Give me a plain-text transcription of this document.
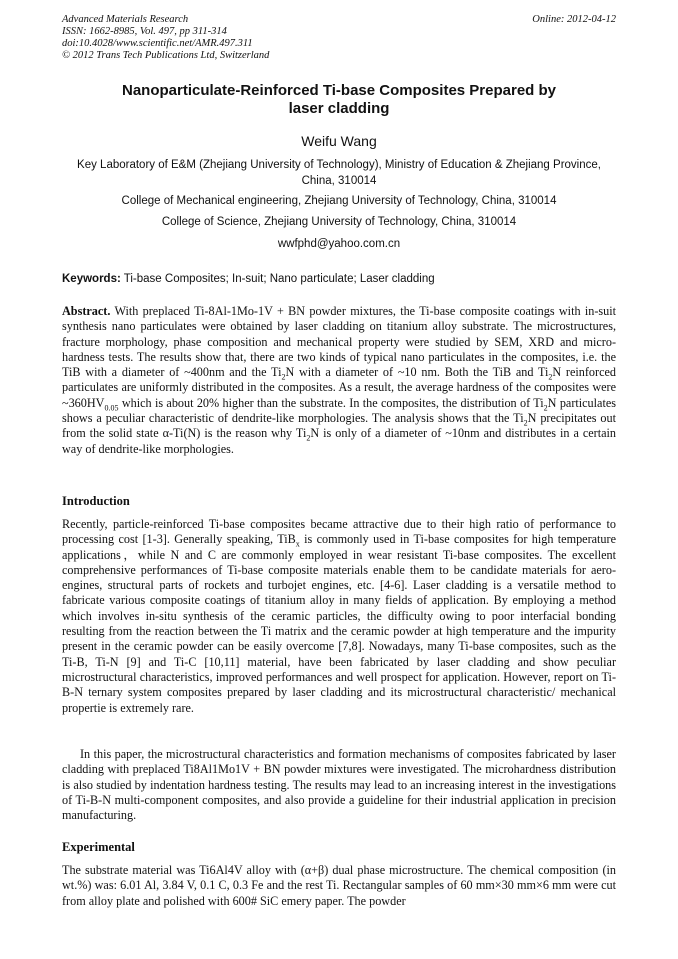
Advanced Materials Research
ISSN: 1662-8985, Vol. 497, pp 311-314
doi:10.4028/www.scientific.net/AMR.497.311
© 2012 Trans Tech Publications Ltd, Switzerland
Online: 2012-04-12
Nanoparticulate-Reinforced Ti-base Composites Prepared by
laser cladding
Weifu Wang
Key Laboratory of E&M (Zhejiang University of Technology), Ministry of Education & Zhejiang Province, China, 310014
College of Mechanical engineering, Zhejiang University of Technology, China, 310014
College of Science, Zhejiang University of Technology, China, 310014
wwfphd@yahoo.com.cn
Keywords: Ti-base Composites; In-suit; Nano particulate; Laser cladding
Abstract. With preplaced Ti-8Al-1Mo-1V + BN powder mixtures, the Ti-base composite coatings with in-suit synthesis nano particulates were obtained by laser cladding on titanium alloy substrate. The microstructures, fracture morphology, phase composition and mechanical property were studied by SEM, XRD and micro-hardness tests. The results show that, there are two kinds of typical nano particulates in the composites, i.e. the TiB with a diameter of ~400nm and the $Ti_2N$ with a diameter of ~10 nm. Both the TiB and $Ti_2N$ reinforced particulates are uniformly distributed in the composites. As a result, the average hardness of the composites were $\sim 360HV_{0.05}$ which is about 20% higher than the substrate. In the composites, the distribution of $Ti_2N$ particulates shows a peculiar characteristic of dendrite-like morphologies. The analysis shows that the $Ti_2N$ precipitates out from the solid state α-Ti(N) is the reason why $Ti_2N$ is only of a diameter of ~10nm and distributes in a certain way of dendrite-like morphologies.
Introduction
Recently, particle-reinforced Ti-base composites became attractive due to their high ratio of performance to processing cost [1-3]. Generally speaking, TiB$_x$ is commonly used in Ti-base composites for high temperature applications，while N and C are commonly employed in wear resistant Ti-base composites. The excellent comprehensive performances of Ti-base composite materials enable them to be candidate materials for aero-engines, structural parts of rockets and turbojet engines, etc. [4-6]. Laser cladding is a versatile method to fabricate various composite coatings of titanium alloy in many fields of application. By employing a method which involves in-situ synthesis of the ceramic particles, the difficulty owing to poor interfacial bonding resulting from the reaction between the Ti matrix and the ceramic powder at high temperature and the impurity present in the ceramic powder can be easily overcome [7,8]. Nowadays, many Ti-base composites, such as the Ti-B, Ti-N [9] and Ti-C [10,11] material, have been fabricated by laser cladding and show peculiar microstructural characteristics, improved performances and well prospect for application. However, report on Ti-B-N ternary system composites prepared by laser cladding and its microstructural characteristic/ mechanical propertie is extremely rare.
In this paper, the microstructural characteristics and formation mechanisms of composites fabricated by laser cladding with preplaced Ti8Al1Mo1V + BN powder mixtures were investigated. The microhardness distribution is also studied by indentation hardness testing. The results may lead to an increasing interest in the investigations of Ti-B-N multi-component composites, and also provide a guideline for their industrial application in precision manufacturing.
Experimental
The substrate material was Ti6Al4V alloy with (α+β) dual phase microstructure. The chemical composition (in wt.%) was: 6.01 Al, 3.84 V, 0.1 C, 0.3 Fe and the rest Ti. Rectangular samples of 60 mm×30 mm×6 mm were cut from alloy plate and polished with 600# SiC emery paper. The powder
